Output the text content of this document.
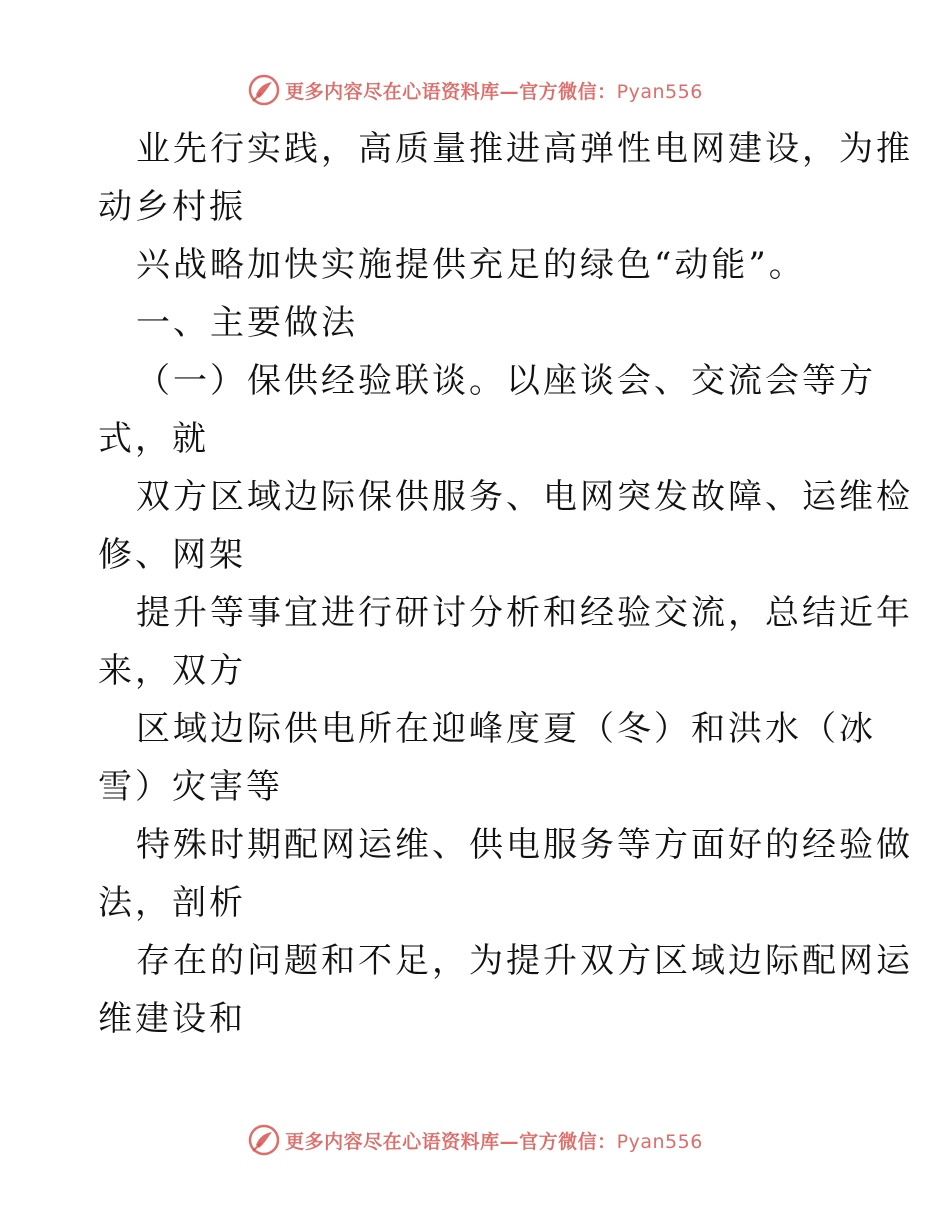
更多内容尽在心语资料库—官方微信：Pyan556
业先行实践，高质量推进高弹性电网建设，为推
动乡村振
兴战略加快实施提供充足的绿色“动能”。
一、主要做法
（一）保供经验联谈。以座谈会、交流会等方
式，就
双方区域边际保供服务、电网突发故障、运维检
修、网架
提升等事宜进行研讨分析和经验交流，总结近年
来，双方
区域边际供电所在迎峰度夏（冬）和洪水（冰
雪）灾害等
特殊时期配网运维、供电服务等方面好的经验做
法，剖析
存在的问题和不足，为提升双方区域边际配网运
维建设和
更多内容尽在心语资料库—官方微信：Pyan556
